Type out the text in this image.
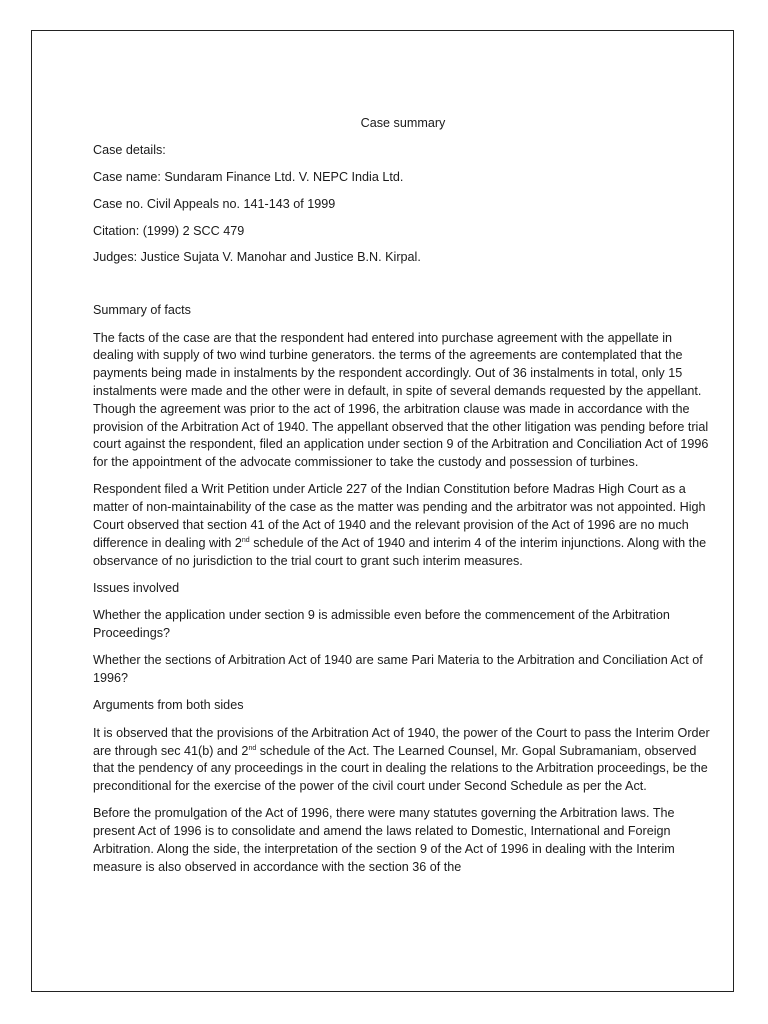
Case summary

Case details:

Case name: Sundaram Finance Ltd. V. NEPC India Ltd.

Case no. Civil Appeals no. 141-143 of 1999

Citation: (1999) 2 SCC 479

Judges: Justice Sujata V. Manohar and Justice B.N. Kirpal.

Summary of facts

The facts of the case are that the respondent had entered into purchase agreement with the appellate in dealing with supply of two wind turbine generators. the terms of the agreements are contemplated that the payments being made in instalments by the respondent accordingly. Out of 36 instalments in total, only 15 instalments were made and the other were in default, in spite of several demands requested by the appellant. Though the agreement was prior to the act of 1996, the arbitration clause was made in accordance with the provision of the Arbitration Act of 1940. The appellant observed that the other litigation was pending before trial court against the respondent, filed an application under section 9 of the Arbitration and Conciliation Act of 1996 for the appointment of the advocate commissioner to take the custody and possession of turbines.

Respondent filed a Writ Petition under Article 227 of the Indian Constitution before Madras High Court as a matter of non-maintainability of the case as the matter was pending and the arbitrator was not appointed. High Court observed that section 41 of the Act of 1940 and the relevant provision of the Act of 1996 are no much difference in dealing with 2nd schedule of the Act of 1940 and interim 4 of the interim injunctions. Along with the observance of no jurisdiction to the trial court to grant such interim measures.

Issues involved

Whether the application under section 9 is admissible even before the commencement of the Arbitration Proceedings?

Whether the sections of Arbitration Act of 1940 are same Pari Materia to the Arbitration and Conciliation Act of 1996?

Arguments from both sides

It is observed that the provisions of the Arbitration Act of 1940, the power of the Court to pass the Interim Order are through sec 41(b) and 2nd schedule of the Act. The Learned Counsel, Mr. Gopal Subramaniam, observed that the pendency of any proceedings in the court in dealing the relations to the Arbitration proceedings, be the preconditional for the exercise of the power of the civil court under Second Schedule as per the Act.

Before the promulgation of the Act of 1996, there were many statutes governing the Arbitration laws. The present Act of 1996 is to consolidate and amend the laws related to Domestic, International and Foreign Arbitration. Along the side, the interpretation of the section 9 of the Act of 1996 in dealing with the Interim measure is also observed in accordance with the section 36 of the
